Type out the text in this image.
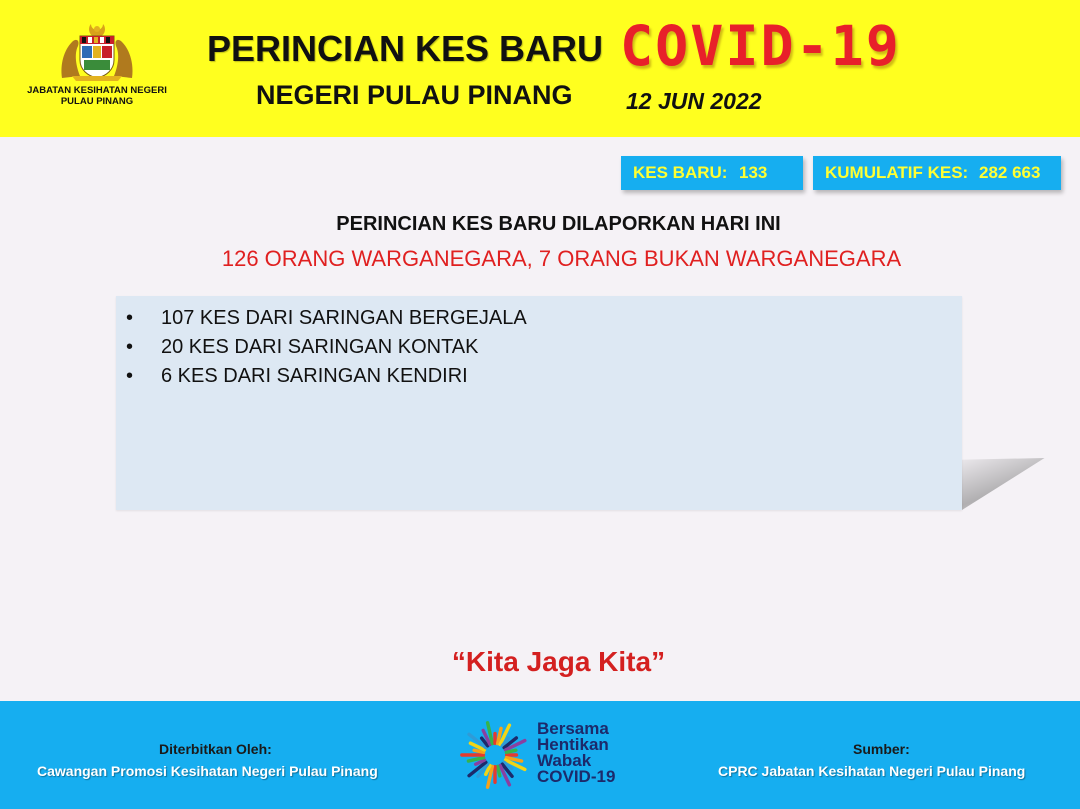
JABATAN KESIHATAN NEGERI
PULAU PINANG
PERINCIAN KES BARU
NEGERI PULAU PINANG
COVID-19
12 JUN 2022
KES BARU: 133	KUMULATIF KES: 282 663
PERINCIAN KES BARU DILAPORKAN HARI INI
126 ORANG WARGANEGARA, 7 ORANG BUKAN WARGANEGARA
• 107 KES DARI SARINGAN BERGEJALA
• 20 KES DARI SARINGAN KONTAK
• 6 KES DARI SARINGAN KENDIRI
“Kita Jaga Kita”
Diterbitkan Oleh:
Cawangan Promosi Kesihatan Negeri Pulau Pinang
Bersama
Hentikan
Wabak
COVID-19
Sumber:
CPRC Jabatan Kesihatan Negeri Pulau Pinang
